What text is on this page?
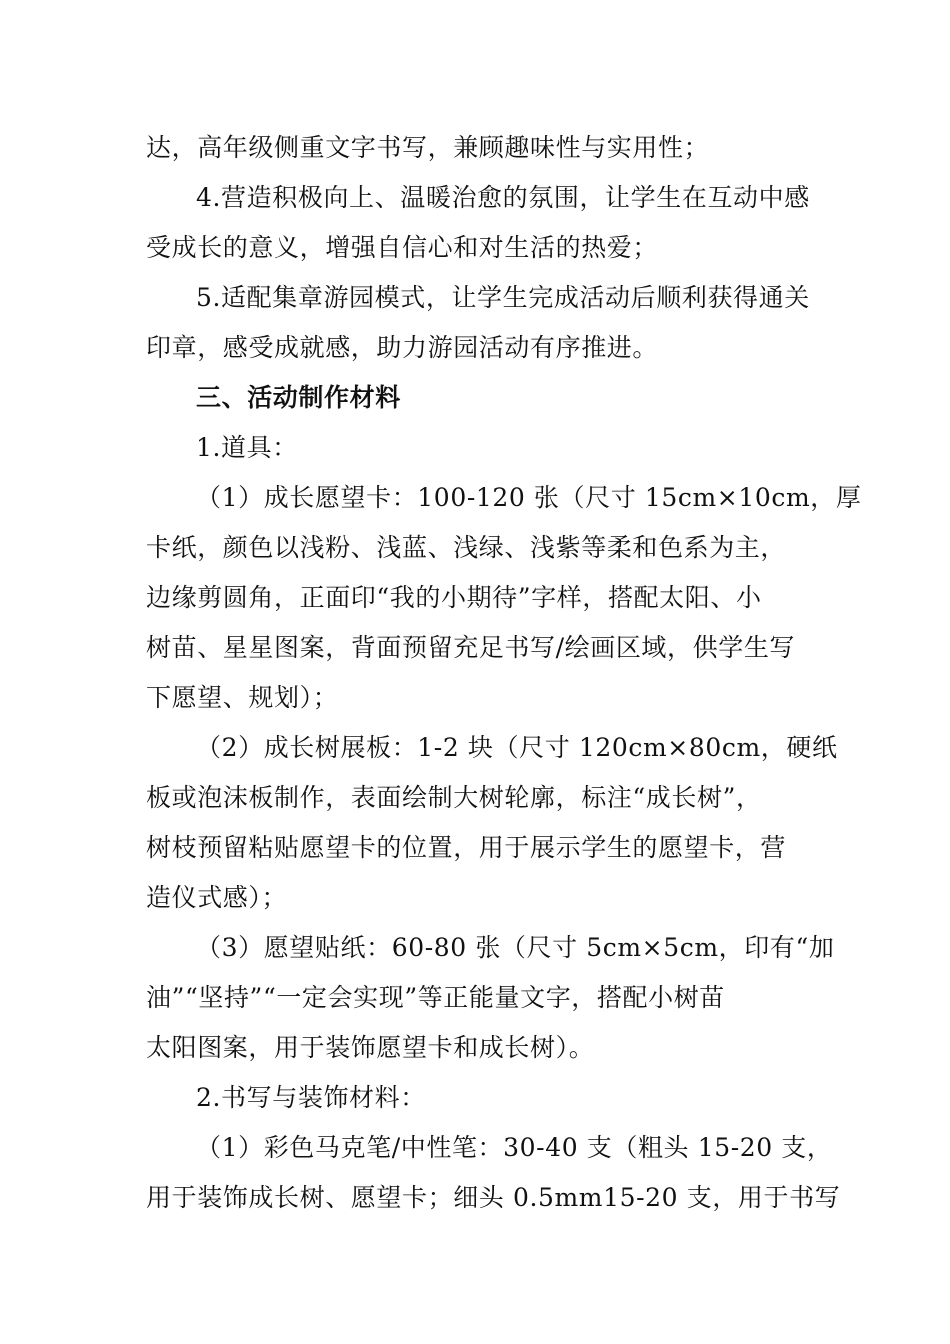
达，高年级侧重文字书写，兼顾趣味性与实用性；
4.营造积极向上、温暖治愈的氛围，让学生在互动中感
受成长的意义，增强自信心和对生活的热爱；
5.适配集章游园模式，让学生完成活动后顺利获得通关
印章，感受成就感，助力游园活动有序推进。
三、活动制作材料
1.道具：
（1）成长愿望卡：100-120 张（尺寸 15cm×10cm，厚
卡纸，颜色以浅粉、浅蓝、浅绿、浅紫等柔和色系为主，
边缘剪圆角，正面印“我的小期待”字样，搭配太阳、小
树苗、星星图案，背面预留充足书写/绘画区域，供学生写
下愿望、规划）；
（2）成长树展板：1-2 块（尺寸 120cm×80cm，硬纸
板或泡沫板制作，表面绘制大树轮廓，标注“成长树”，
树枝预留粘贴愿望卡的位置，用于展示学生的愿望卡，营
造仪式感）；
（3）愿望贴纸：60-80 张（尺寸 5cm×5cm，印有“加
油”“坚持”“一定会实现”等正能量文字，搭配小树苗
太阳图案，用于装饰愿望卡和成长树）。
2.书写与装饰材料：
（1）彩色马克笔/中性笔：30-40 支（粗头 15-20 支，
用于装饰成长树、愿望卡；细头 0.5mm15-20 支，用于书写
